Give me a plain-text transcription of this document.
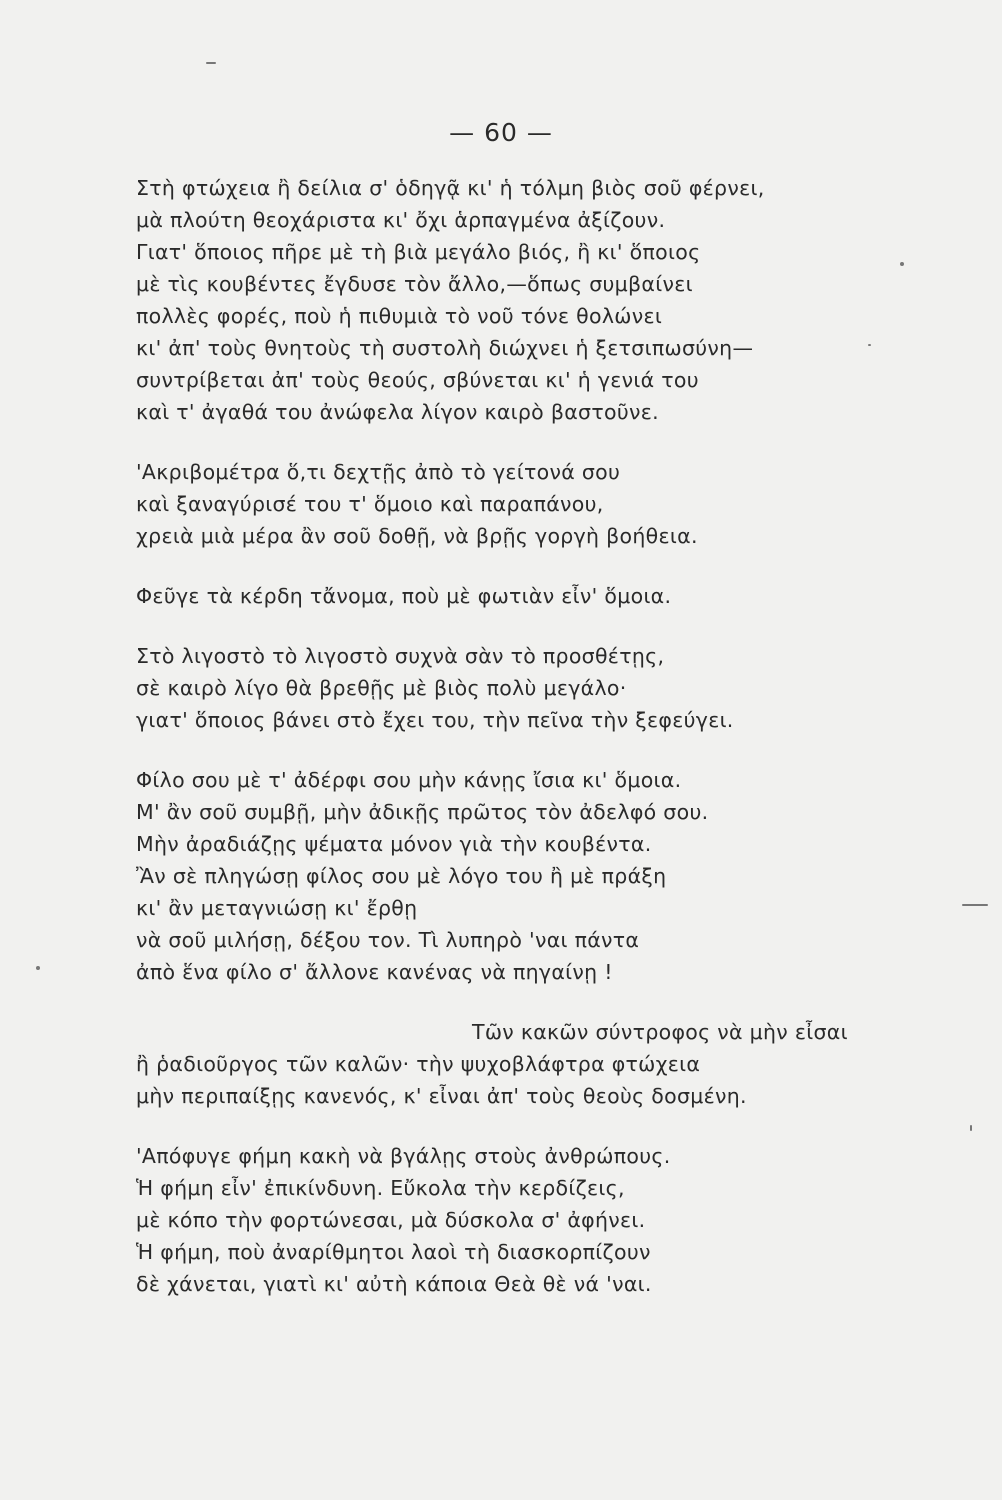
— 60 —
Στὴ φτώχεια ἢ δείλια σ' ὁδηγᾷ κι' ἡ τόλμη βιὸς σοῦ φέρνει,
μὰ πλούτη θεοχάριστα κι' ὄχι ἁρπαγμένα ἀξίζουν.
Γιατ' ὅποιος πῆρε μὲ τὴ βιὰ μεγάλο βιός, ἢ κι' ὅποιος
μὲ τὶς κουβέντες ἔγδυσε τὸν ἄλλο,—ὅπως συμβαίνει
πολλὲς φορές, ποὺ ἡ πιθυμιὰ τὸ νοῦ τόνε θολώνει
κι' ἀπ' τοὺς θνητοὺς τὴ συστολὴ διώχνει ἡ ξετσιπωσύνη—
συντρίβεται ἀπ' τοὺς θεούς, σβύνεται κι' ἡ γενιά του
καὶ τ' ἀγαθά του ἀνώφελα λίγον καιρὸ βαστοῦνε.
'Ακριβομέτρα ὅ,τι δεχτῇς ἀπὸ τὸ γείτονά σου
καὶ ξαναγύρισέ του τ' ὅμοιο καὶ παραπάνου,
χρειὰ μιὰ μέρα ἂν σοῦ δοθῇ, νὰ βρῇς γοργὴ βοήθεια.
Φεῦγε τὰ κέρδη τἄνομα, ποὺ μὲ φωτιὰν εἶν' ὅμοια.
Στὸ λιγοστὸ τὸ λιγοστὸ συχνὰ σὰν τὸ προσθέτῃς,
σὲ καιρὸ λίγο θὰ βρεθῇς μὲ βιὸς πολὺ μεγάλο·
γιατ' ὅποιος βάνει στὸ ἔχει του, τὴν πεῖνα τὴν ξεφεύγει.
Φίλο σου μὲ τ' ἀδέρφι σου μὴν κάνῃς ἴσια κι' ὅμοια.
Μ' ἂν σοῦ συμβῇ, μὴν ἀδικῇς πρῶτος τὸν ἀδελφό σου.
Μὴν ἀραδιάζῃς ψέματα μόνον γιὰ τὴν κουβέντα.
Ἂν σὲ πληγώσῃ φίλος σου μὲ λόγο του ἢ μὲ πράξη
κι' ἂν μεταγνιώσῃ κι' ἔρθῃ
νὰ σοῦ μιλήσῃ, δέξου τον. Τὶ λυπηρὸ 'ναι πάντα
ἀπὸ ἕνα φίλο σ' ἄλλονε κανένας νὰ πηγαίνῃ !
Τῶν κακῶν σύντροφος νὰ μὴν εἶσαι
ἢ ῥαδιοῦργος τῶν καλῶν· τὴν ψυχοβλάφτρα φτώχεια
μὴν περιπαίξῃς κανενός, κ' εἶναι ἀπ' τοὺς θεοὺς δοσμένη.
'Απόφυγε φήμη κακὴ νὰ βγάλῃς στοὺς ἀνθρώπους.
Ἡ φήμη εἶν' ἐπικίνδυνη. Εὔκολα τὴν κερδίζεις,
μὲ κόπο τὴν φορτώνεσαι, μὰ δύσκολα σ' ἀφήνει.
Ἡ φήμη, ποὺ ἀναρίθμητοι λαοὶ τὴ διασκορπίζουν
δὲ χάνεται, γιατὶ κι' αὐτὴ κάποια Θεὰ θὲ νά 'ναι.
